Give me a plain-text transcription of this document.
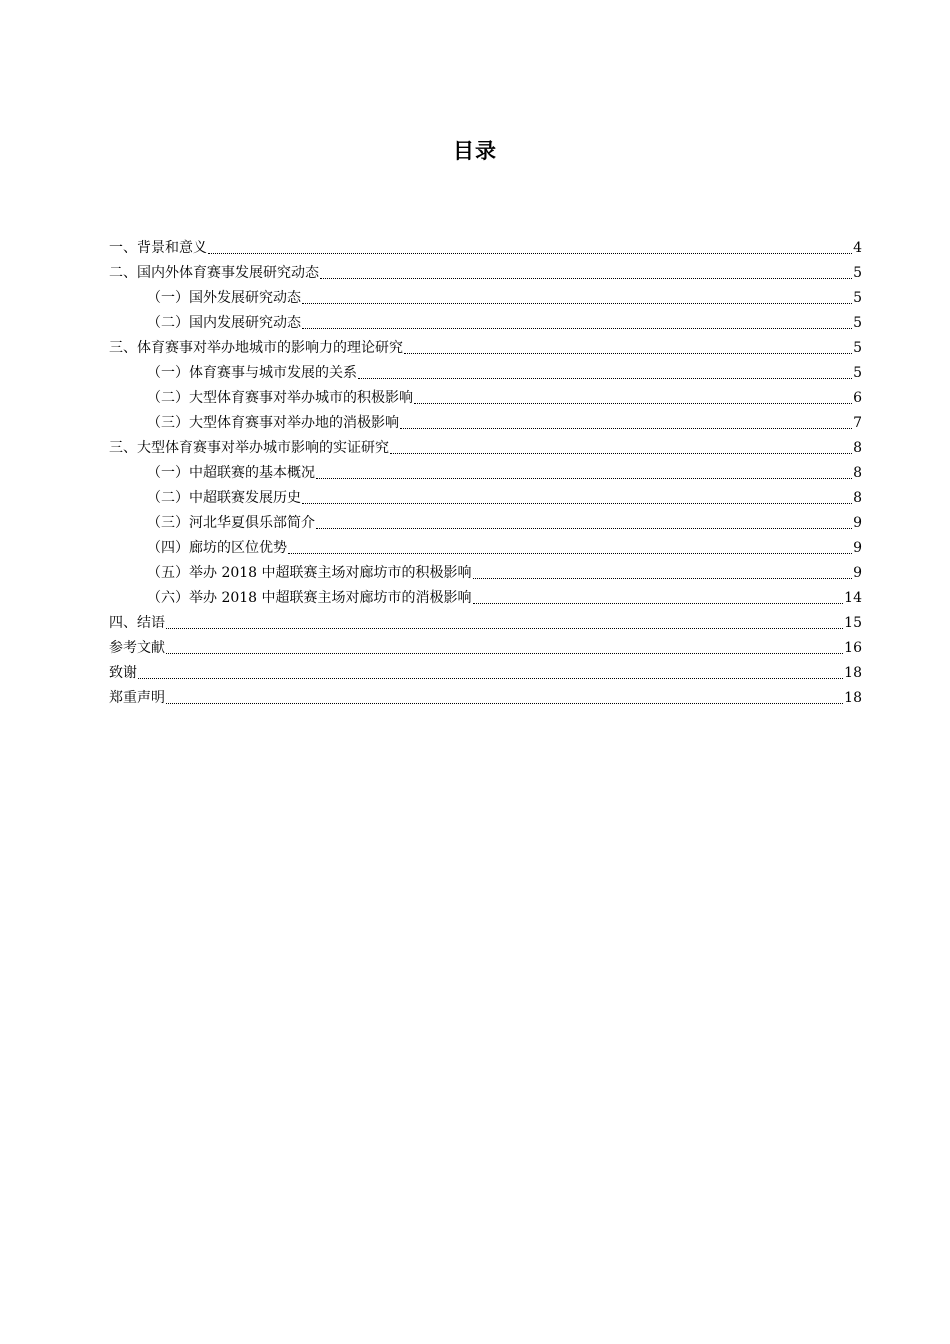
目录
一、背景和意义	4
二、国内外体育赛事发展研究动态	5
（一）国外发展研究动态	5
（二）国内发展研究动态	5
三、体育赛事对举办地城市的影响力的理论研究	5
（一）体育赛事与城市发展的关系	5
（二）大型体育赛事对举办城市的积极影响	6
（三）大型体育赛事对举办地的消极影响	7
三、大型体育赛事对举办城市影响的实证研究	8
（一）中超联赛的基本概况	8
（二）中超联赛发展历史	8
（三）河北华夏俱乐部简介	9
（四）廊坊的区位优势	9
（五）举办 2018 中超联赛主场对廊坊市的积极影响	9
（六）举办 2018 中超联赛主场对廊坊市的消极影响	14
四、结语	15
参考文献	16
致谢	18
郑重声明	18
